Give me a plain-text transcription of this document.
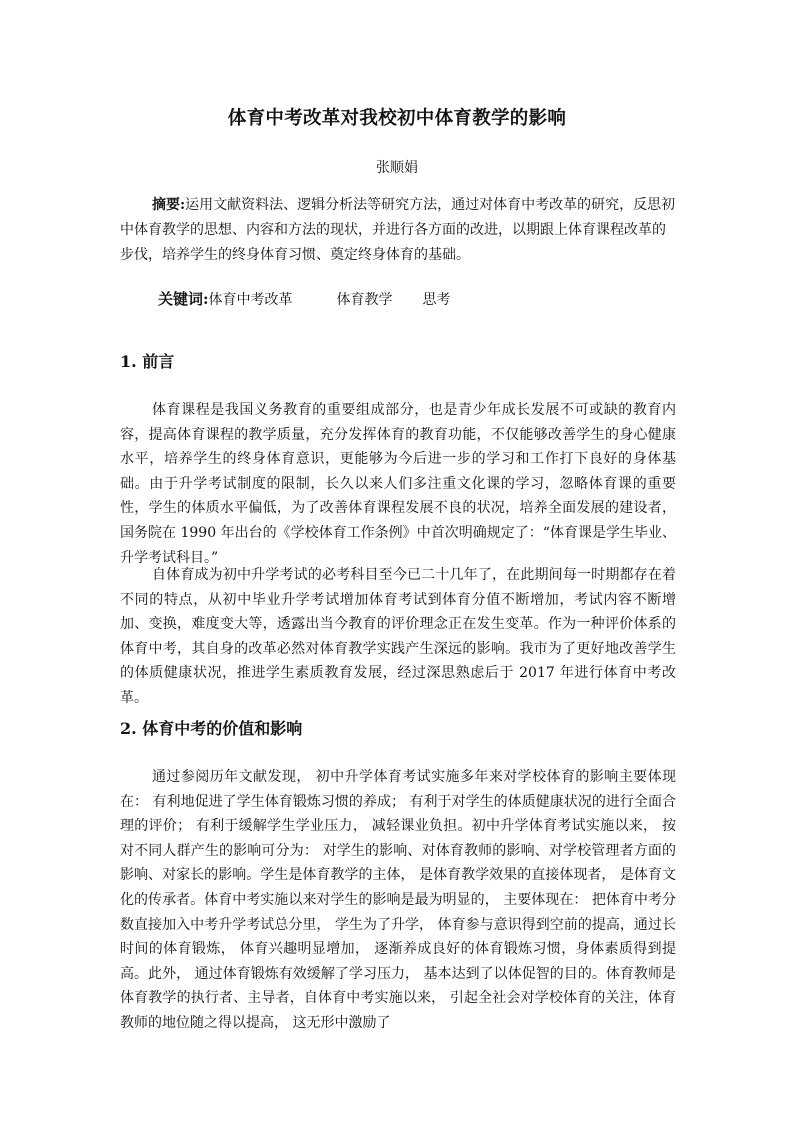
体育中考改革对我校初中体育教学的影响
张顺娟
摘要:运用文献资料法、逻辑分析法等研究方法，通过对体育中考改革的研究，反思初中体育教学的思想、内容和方法的现状，并进行各方面的改进，以期跟上体育课程改革的步伐，培养学生的终身体育习惯、奠定终身体育的基础。
关键词:体育中考改革	体育教学 思考
1. 前言
体育课程是我国义务教育的重要组成部分，也是青少年成长发展不可或缺的教育内容，提高体育课程的教学质量，充分发挥体育的教育功能，不仅能够改善学生的身心健康水平，培养学生的终身体育意识，更能够为今后进一步的学习和工作打下良好的身体基础。由于升学考试制度的限制，长久以来人们多注重文化课的学习，忽略体育课的重要性，学生的体质水平偏低，为了改善体育课程发展不良的状况，培养全面发展的建设者，国务院在 1990 年出台的《学校体育工作条例》中首次明确规定了：“体育课是学生毕业、升学考试科目。”
自体育成为初中升学考试的必考科目至今已二十几年了，在此期间每一时期都存在着不同的特点，从初中毕业升学考试增加体育考试到体育分值不断增加，考试内容不断增加、变换，难度变大等，透露出当今教育的评价理念正在发生变革。作为一种评价体系的体育中考，其自身的改革必然对体育教学实践产生深远的影响。我市为了更好地改善学生的体质健康状况，推进学生素质教育发展，经过深思熟虑后于 2017 年进行体育中考改革。
2. 体育中考的价值和影响
通过参阅历年文献发现， 初中升学体育考试实施多年来对学校体育的影响主要体现在： 有利地促进了学生体育锻炼习惯的养成； 有利于对学生的体质健康状况的进行全面合理的评价； 有利于缓解学生学业压力， 减轻课业负担。初中升学体育考试实施以来， 按对不同人群产生的影响可分为： 对学生的影响、对体育教师的影响、对学校管理者方面的影响、对家长的影响。学生是体育教学的主体， 是体育教学效果的直接体现者， 是体育文化的传承者。体育中考实施以来对学生的影响是最为明显的， 主要体现在： 把体育中考分数直接加入中考升学考试总分里， 学生为了升学， 体育参与意识得到空前的提高，通过长时间的体育锻炼， 体育兴趣明显增加， 逐渐养成良好的体育锻炼习惯，身体素质得到提高。此外， 通过体育锻炼有效缓解了学习压力， 基本达到了以体促智的目的。体育教师是体育教学的执行者、主导者，自体育中考实施以来， 引起全社会对学校体育的关注，体育教师的地位随之得以提高， 这无形中激励了
